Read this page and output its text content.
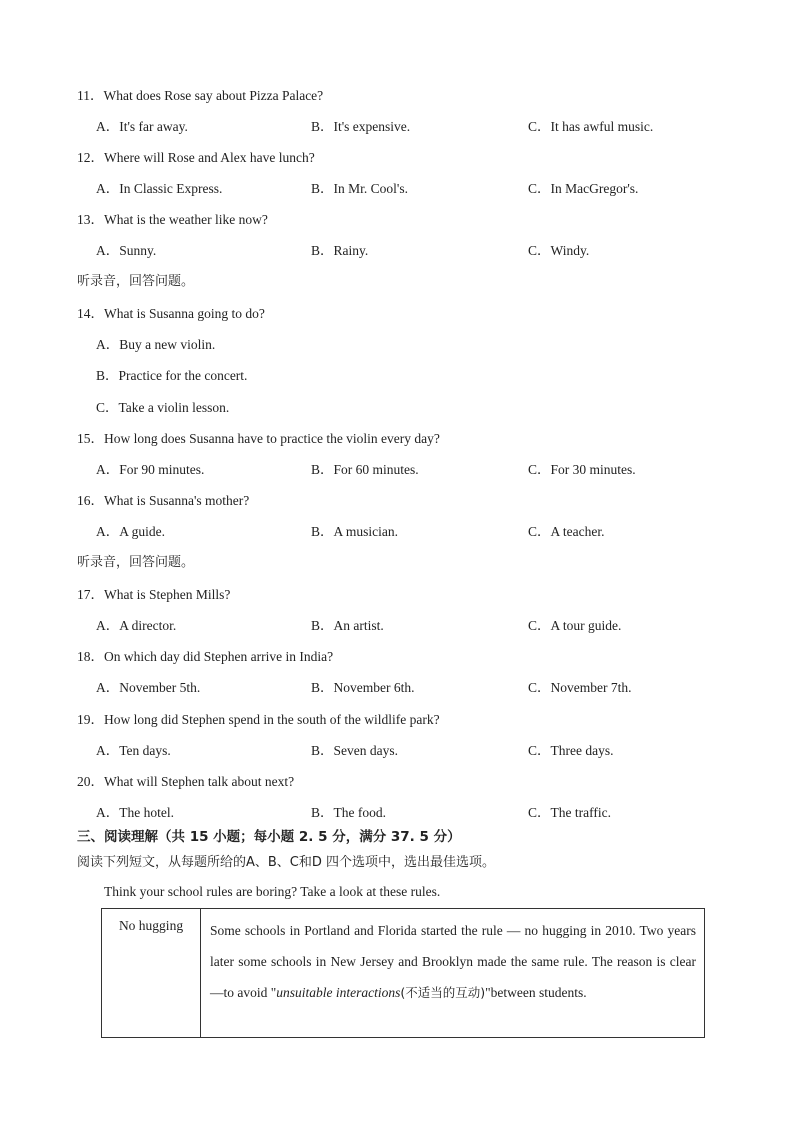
11．What does Rose say about Pizza Palace?
A．It's far away.	B．It's expensive.	C．It has awful music.
12．Where will Rose and Alex have lunch?
A．In Classic Express.	B．In Mr. Cool's.	C．In MacGregor's.
13．What is the weather like now?
A．Sunny.	B．Rainy.	C．Windy.
听录音，回答问题。
14．What is Susanna going to do?
A．Buy a new violin.
B．Practice for the concert.
C．Take a violin lesson.
15．How long does Susanna have to practice the violin every day?
A．For 90 minutes.	B．For 60 minutes.	C．For 30 minutes.
16．What is Susanna's mother?
A．A guide.	B．A musician.	C．A teacher.
听录音，回答问题。
17．What is Stephen Mills?
A．A director.	B．An artist.	C．A tour guide.
18．On which day did Stephen arrive in India?
A．November 5th.	B．November 6th.	C．November 7th.
19．How long did Stephen spend in the south of the wildlife park?
A．Ten days.	B．Seven days.	C．Three days.
20．What will Stephen talk about next?
A．The hotel.	B．The food.	C．The traffic.
三、阅读理解（共 15 小题；每小题 2. 5 分，满分 37. 5 分）
阅读下列短文，从每题所给的A、B、C和D 四个选项中，选出最佳选项。
Think your school rules are boring? Take a look at these rules.
No hugging	Some schools in Portland and Florida started the rule — no hugging in 2010. Two years later some schools in New Jersey and Brooklyn made the same rule. The reason is clear —to avoid "unsuitable interactions(不适当的互动)"between students.
